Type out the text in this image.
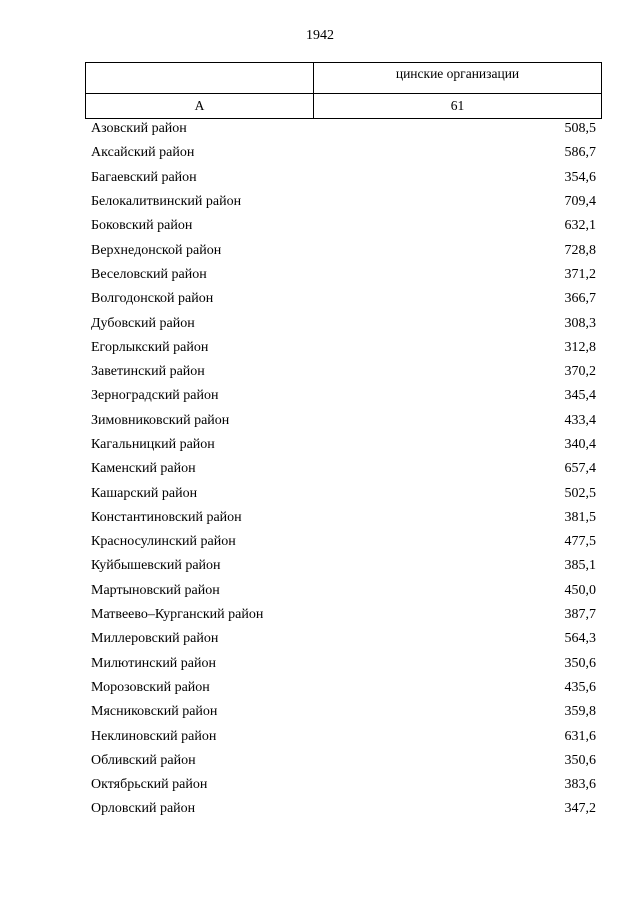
1942
	цинские организации
А	61
Азовский район	508,5
Аксайский район	586,7
Багаевский район	354,6
Белокалитвинский район	709,4
Боковский район	632,1
Верхнедонской район	728,8
Веселовский район	371,2
Волгодонской район	366,7
Дубовский район	308,3
Егорлыкский район	312,8
Заветинский район	370,2
Зерноградский район	345,4
Зимовниковский район	433,4
Кагальницкий район	340,4
Каменский район	657,4
Кашарский район	502,5
Константиновский район	381,5
Красносулинский район	477,5
Куйбышевский район	385,1
Мартыновский район	450,0
Матвеево–Курганский район	387,7
Миллеровский район	564,3
Милютинский район	350,6
Морозовский район	435,6
Мясниковский район	359,8
Неклиновский район	631,6
Обливский район	350,6
Октябрьский район	383,6
Орловский район	347,2
